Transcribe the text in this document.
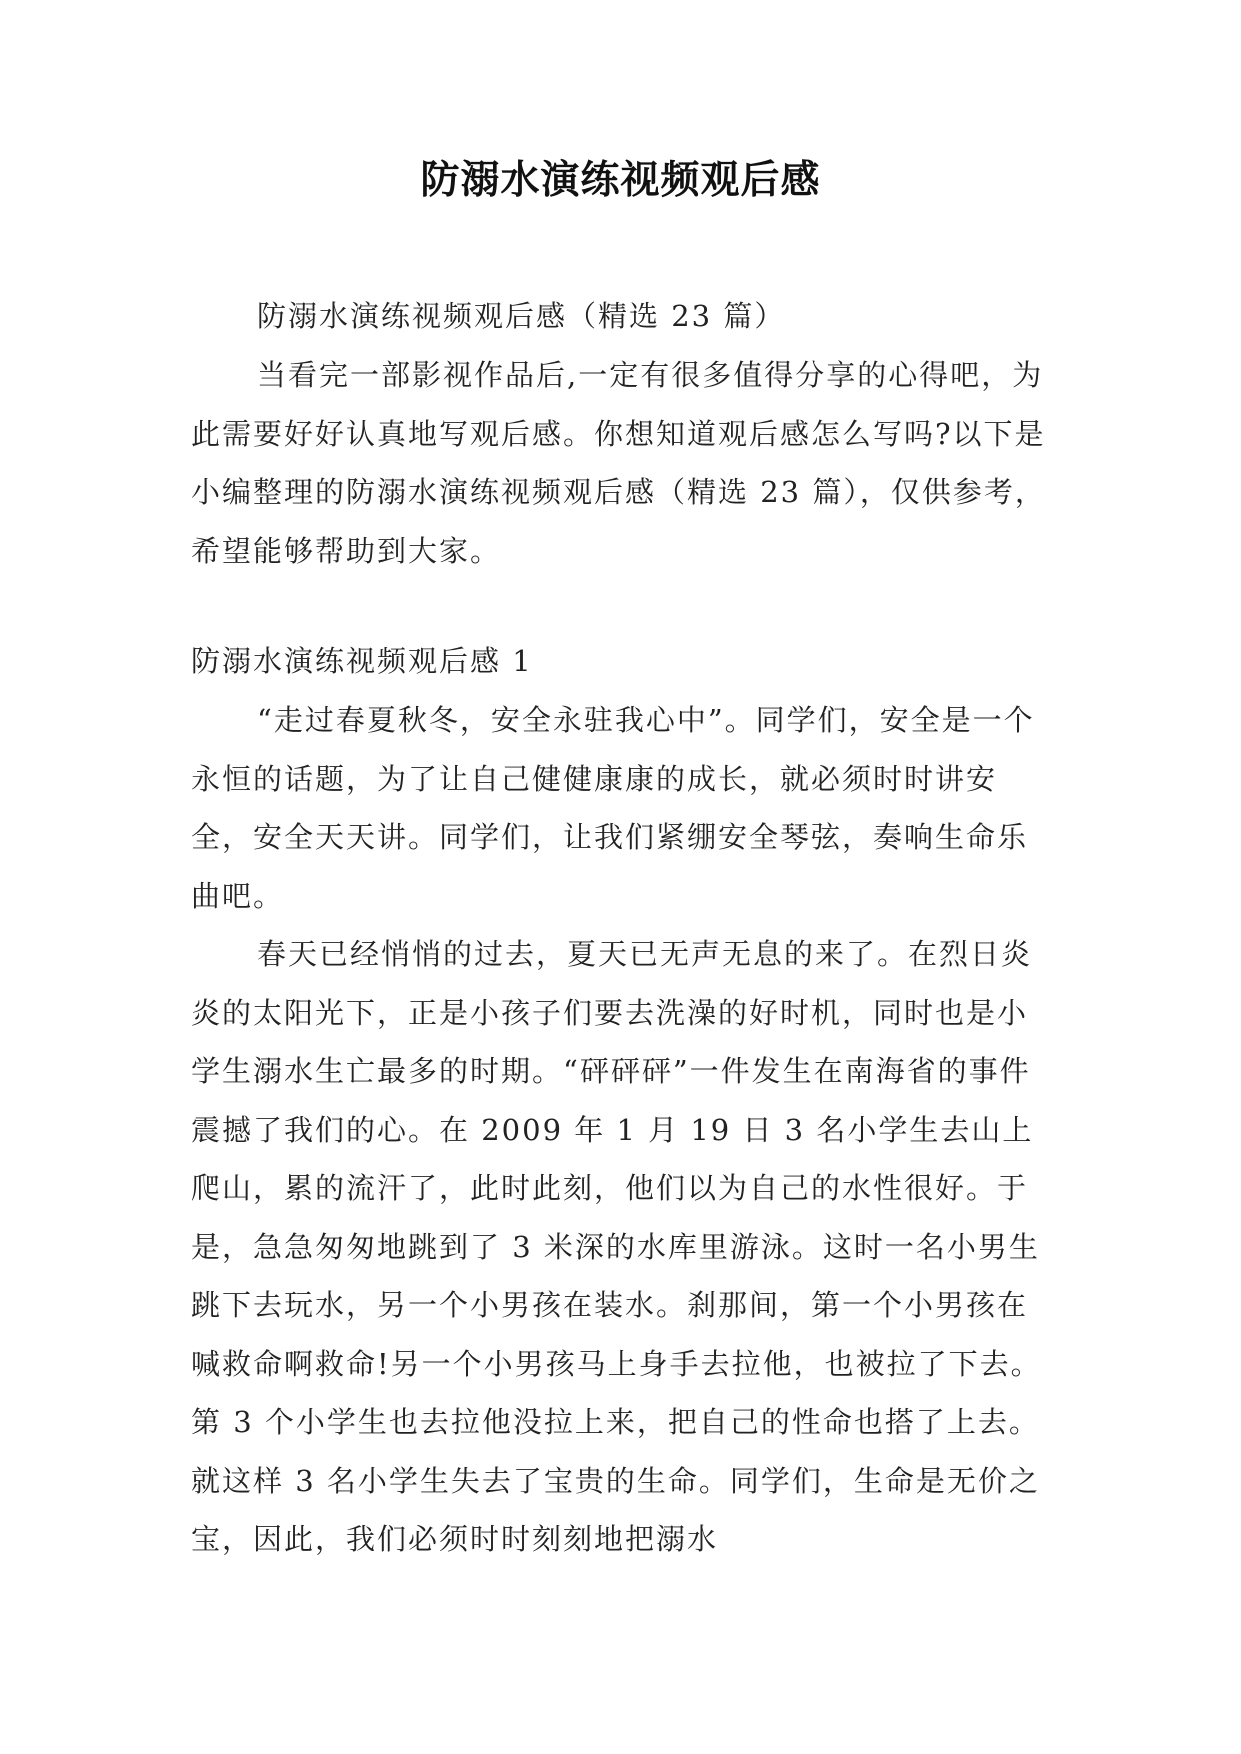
防溺水演练视频观后感

防溺水演练视频观后感（精选 23 篇）

当看完一部影视作品后,一定有很多值得分享的心得吧，为此需要好好认真地写观后感。你想知道观后感怎么写吗?以下是小编整理的防溺水演练视频观后感（精选 23 篇），仅供参考，希望能够帮助到大家。

防溺水演练视频观后感 1

“走过春夏秋冬，安全永驻我心中”。同学们，安全是一个永恒的话题，为了让自己健健康康的成长，就必须时时讲安全，安全天天讲。同学们，让我们紧绷安全琴弦，奏响生命乐曲吧。

春天已经悄悄的过去，夏天已无声无息的来了。在烈日炎炎的太阳光下，正是小孩子们要去洗澡的好时机，同时也是小学生溺水生亡最多的时期。“砰砰砰”一件发生在南海省的事件震撼了我们的心。在 2009 年 1 月 19 日 3 名小学生去山上爬山，累的流汗了，此时此刻，他们以为自己的水性很好。于是，急急匆匆地跳到了 3 米深的水库里游泳。这时一名小男生跳下去玩水，另一个小男孩在装水。刹那间，第一个小男孩在喊救命啊救命!另一个小男孩马上身手去拉他，也被拉了下去。第 3 个小学生也去拉他没拉上来，把自己的性命也搭了上去。就这样 3 名小学生失去了宝贵的生命。同学们，生命是无价之宝，因此，我们必须时时刻刻地把溺水
